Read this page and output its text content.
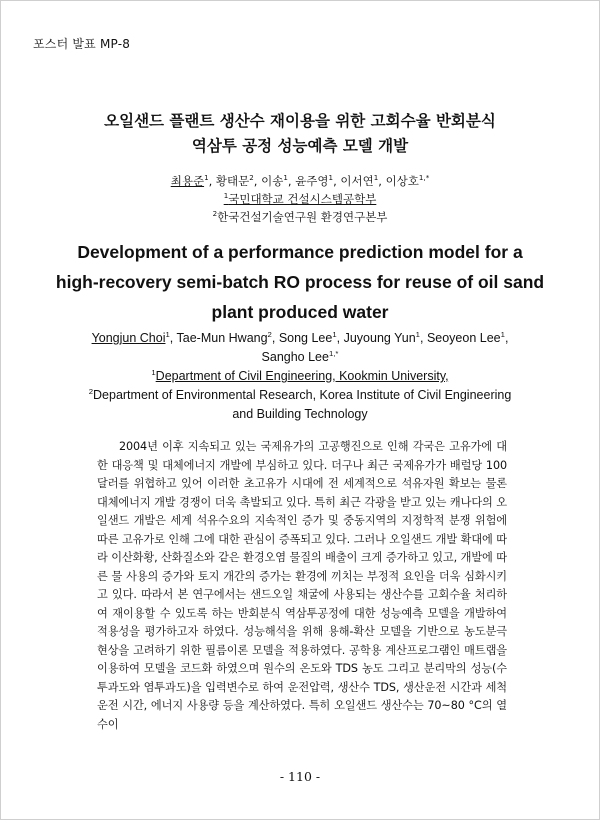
포스터 발표 MP-8
오일샌드 플랜트 생산수 재이용을 위한 고회수율 반회분식
역삼투 공정 성능예측 모델 개발
최용준$^1$, 황태문$^2$, 이송$^1$, 윤주영$^1$, 이서연$^1$, 이상호$^{1,*}$
$^1$국민대학교 건설시스템공학부
$^2$한국건설기술연구원 환경연구본부
Development of a performance prediction model for a
high-recovery semi-batch RO process for reuse of oil sand
plant produced water
Yongjun Choi$^1$, Tae-Mun Hwang$^2$, Song Lee$^1$, Juyoung Yun$^1$, Seoyeon Lee$^1$,
Sangho Lee$^{1,*}$
$^1$Department of Civil Engineering, Kookmin University,
$^2$Department of Environmental Research, Korea Institute of Civil Engineering
and Building Technology
2004년 이후 지속되고 있는 국제유가의 고공행진으로 인해 각국은 고유가에 대한 대응책 및 대체에너지 개발에 부심하고 있다. 더구나 최근 국제유가가 배럴당 100달러를 위협하고 있어 이러한 초고유가 시대에 전 세계적으로 석유자원 확보는 물론 대체에너지 개발 경쟁이 더욱 촉발되고 있다. 특히 최근 각광을 받고 있는 캐나다의 오일샌드 개발은 세계 석유수요의 지속적인 증가 및 중동지역의 지정학적 분쟁 위험에 따른 고유가로 인해 그에 대한 관심이 증폭되고 있다. 그러나 오일샌드 개발 확대에 따라 이산화황, 산화질소와 같은 환경오염 물질의 배출이 크게 증가하고 있고, 개발에 따른 물 사용의 증가와 토지 개간의 증가는 환경에 끼치는 부정적 요인을 더욱 심화시키고 있다. 따라서 본 연구에서는 샌드오일 채굴에 사용되는 생산수를 고회수율 처리하여 재이용할 수 있도록 하는 반회분식 역삼투공정에 대한 성능예측 모델을 개발하여 적용성을 평가하고자 하였다. 성능해석을 위해 용해-확산 모델을 기반으로 농도분극 현상을 고려하기 위한 필름이론 모델을 적용하였다. 공학용 계산프로그램인 매트랩을 이용하여 모델을 코드화 하였으며 원수의 온도와 TDS 농도 그리고 분리막의 성능(수투과도와 염투과도)을 입력변수로 하여 운전압력, 생산수 TDS, 생산운전 시간과 세척운전 시간, 에너지 사용량 등을 계산하였다. 특히 오일샌드 생산수는 70~80 °C의 열수이
- 110 -
